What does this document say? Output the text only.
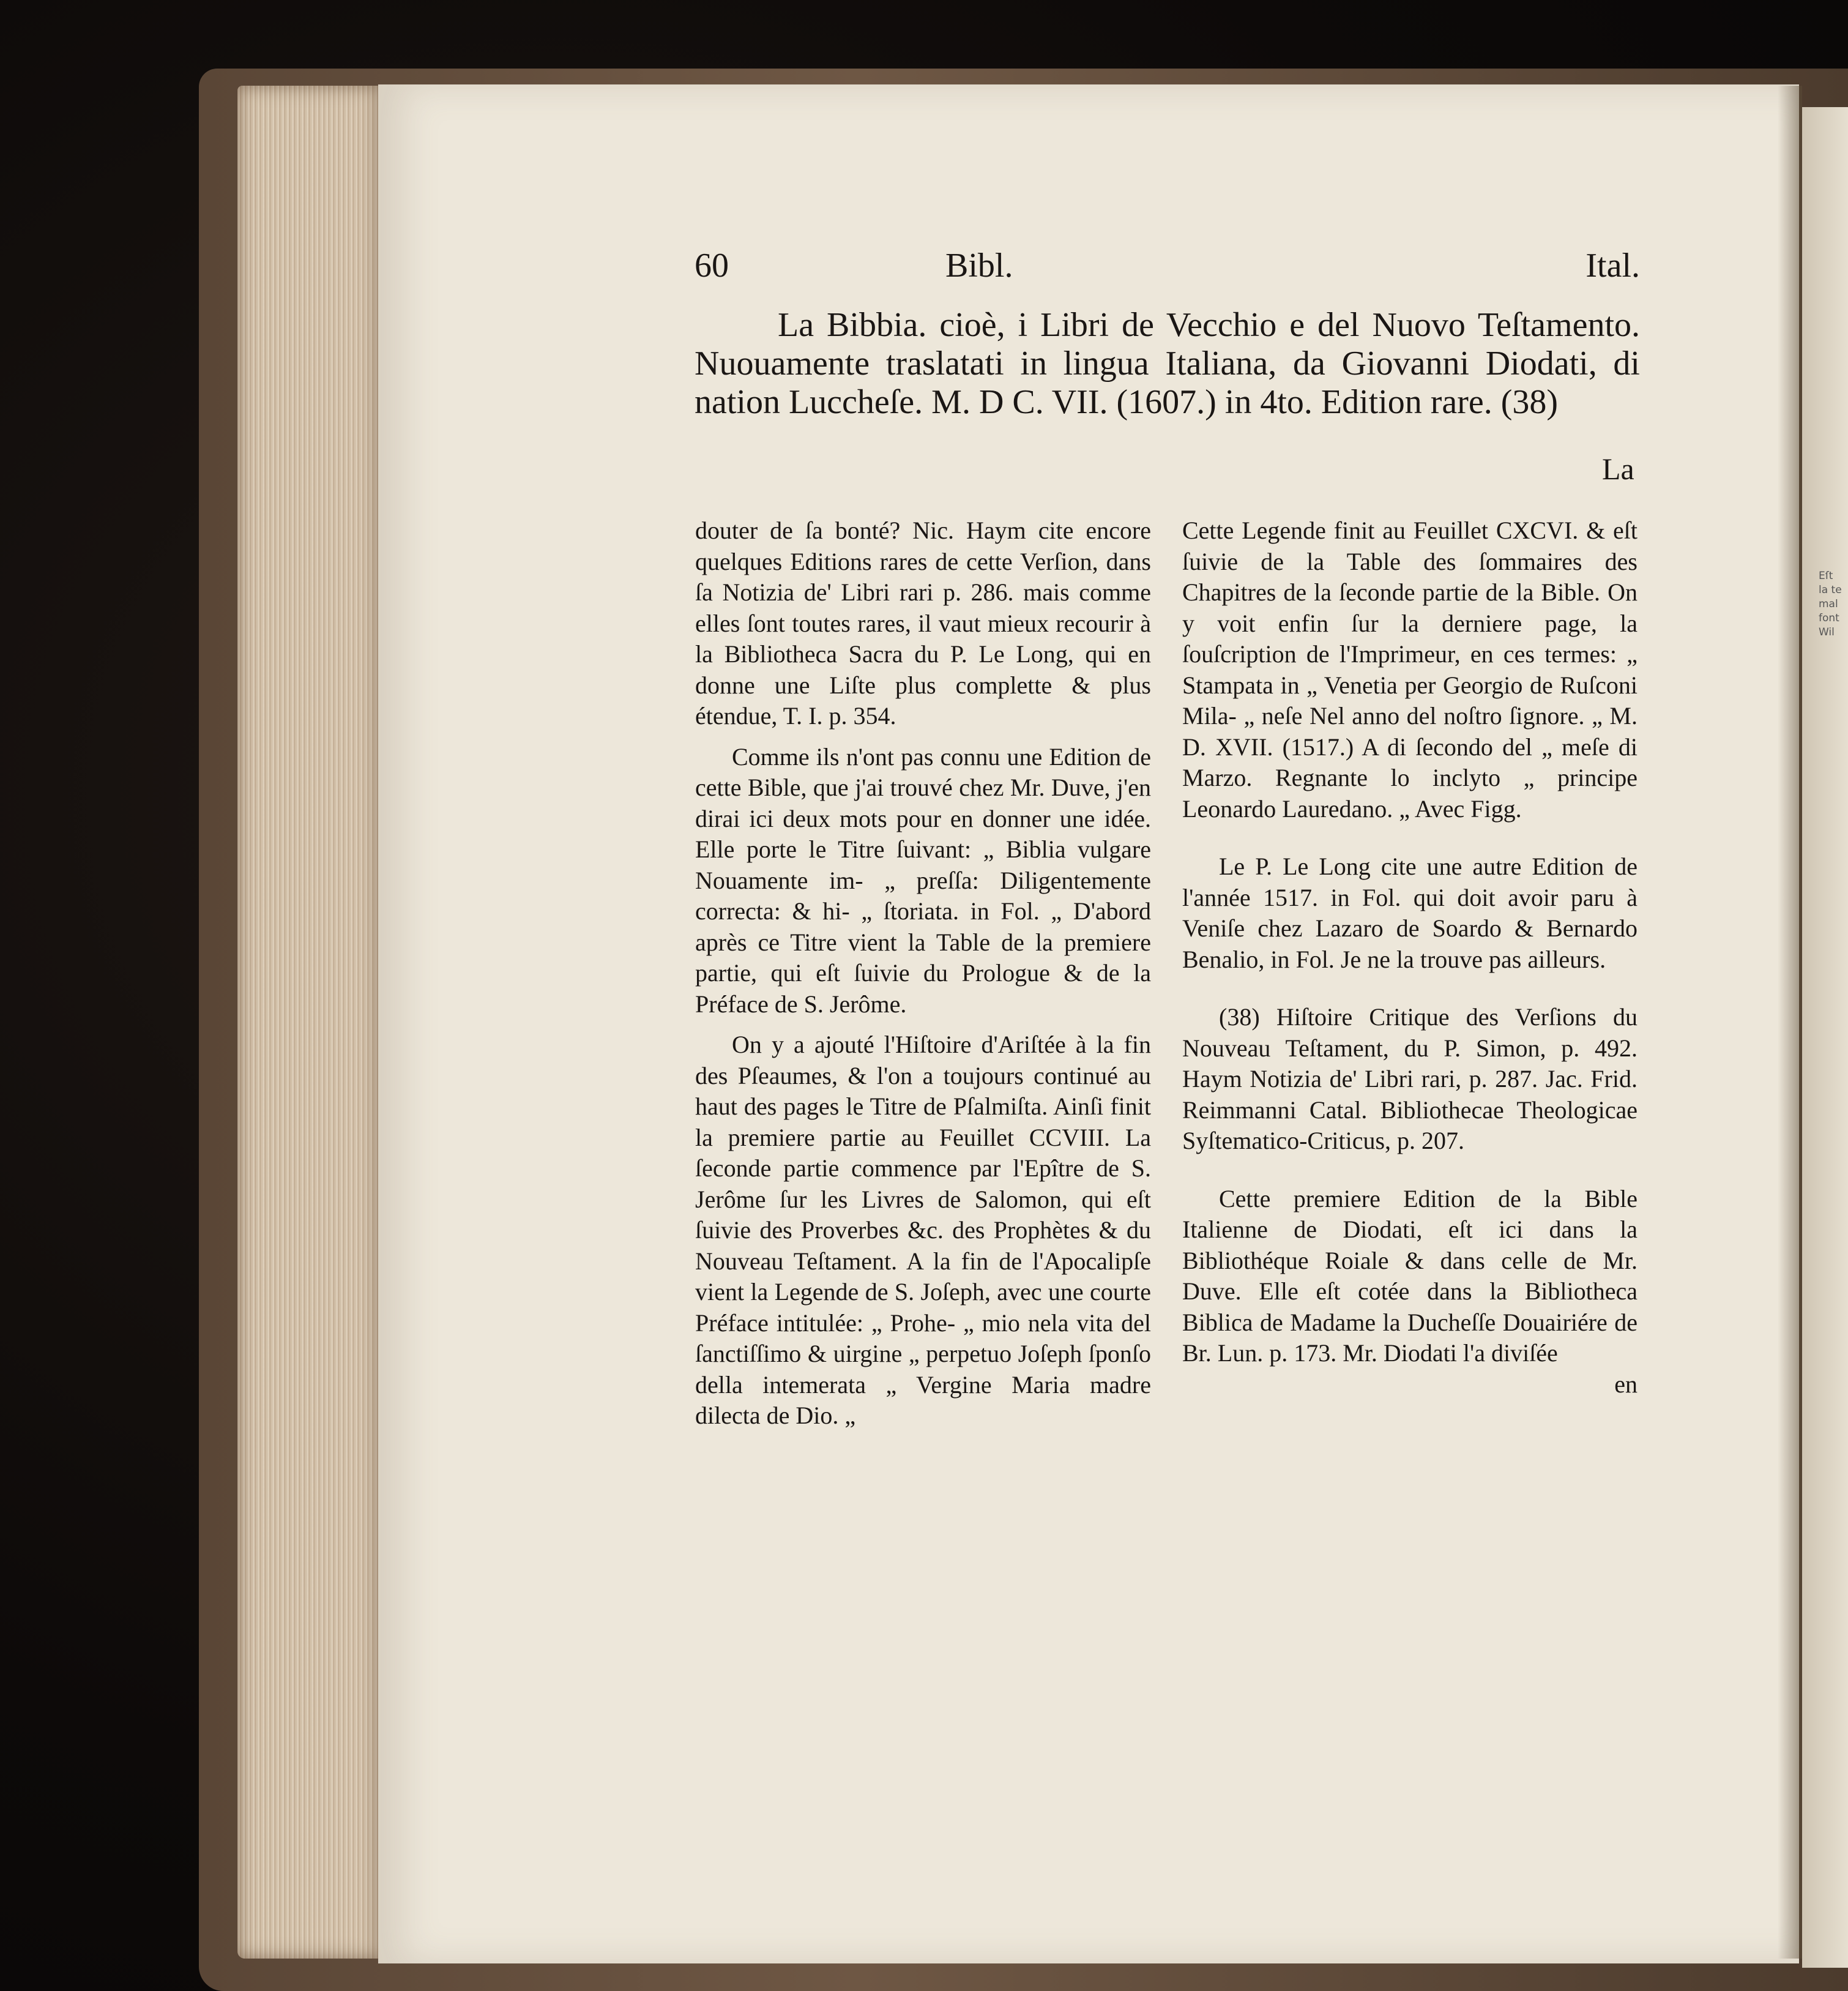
Eſt
la te
mal
font
Wil
60	Bibl.	Ital.

La Bibbia. cioè, i Libri de Vecchio e del Nuovo Teſtamento. Nuouamente traslatati in lingua Italiana, da Giovanni Diodati, di nation Luccheſe. M. D C. VII. (1607.) in 4to. Edition rare. (38)

La

douter de ſa bonté? Nic. Haym cite encore quelques Editions rares de cette Verſion, dans ſa Notizia de' Libri rari p. 286. mais comme elles ſont toutes rares, il vaut mieux recourir à la Bibliotheca Sacra du P. Le Long, qui en donne une Liſte plus complette & plus étendue, T. I. p. 354.

Comme ils n'ont pas connu une Edition de cette Bible, que j'ai trouvé chez Mr. Duve, j'en dirai ici deux mots pour en donner une idée. Elle porte le Titre ſuivant: „ Biblia vulgare Nouamente im- „ preſſa: Diligentemente correcta: & hi- „ ſtoriata. in Fol. „ D'abord après ce Titre vient la Table de la premiere partie, qui eſt ſuivie du Prologue & de la Préface de S. Jerôme.

On y a ajouté l'Hiſtoire d'Ariſtée à la fin des Pſeaumes, & l'on a toujours continué au haut des pages le Titre de Pſalmiſta. Ainſi finit la premiere partie au Feuillet CCVIII. La ſeconde partie commence par l'Epître de S. Jerôme ſur les Livres de Salomon, qui eſt ſuivie des Proverbes &c. des Prophètes & du Nouveau Teſtament. A la fin de l'Apocalipſe vient la Legende de S. Joſeph, avec une courte Préface intitulée: „ Prohe- „ mio nela vita del ſanctiſſimo & uirgine „ perpetuo Joſeph ſponſo della intemerata „ Vergine Maria madre dilecta de Dio. „

Cette Legende finit au Feuillet CXCVI. & eſt ſuivie de la Table des ſommaires des Chapitres de la ſeconde partie de la Bible. On y voit enfin ſur la derniere page, la ſouſcription de l'Imprimeur, en ces termes: „ Stampata in „ Venetia per Georgio de Ruſconi Mila- „ neſe Nel anno del noſtro ſignore. „ M. D. XVII. (1517.) A di ſecondo del „ meſe di Marzo. Regnante lo inclyto „ principe Leonardo Lauredano. „ Avec Figg.

Le P. Le Long cite une autre Edition de l'année 1517. in Fol. qui doit avoir paru à Veniſe chez Lazaro de Soardo & Bernardo Benalio, in Fol. Je ne la trouve pas ailleurs.

(38) Hiſtoire Critique des Verſions du Nouveau Teſtament, du P. Simon, p. 492. Haym Notizia de' Libri rari, p. 287. Jac. Frid. Reimmanni Catal. Bibliothecae Theologicae Syſtematico-Criticus, p. 207.

Cette premiere Edition de la Bible Italienne de Diodati, eſt ici dans la Bibliothéque Roiale & dans celle de Mr. Duve. Elle eſt cotée dans la Bibliotheca Biblica de Madame la Ducheſſe Douairiére de Br. Lun. p. 173. Mr. Diodati l'a diviſée

en
